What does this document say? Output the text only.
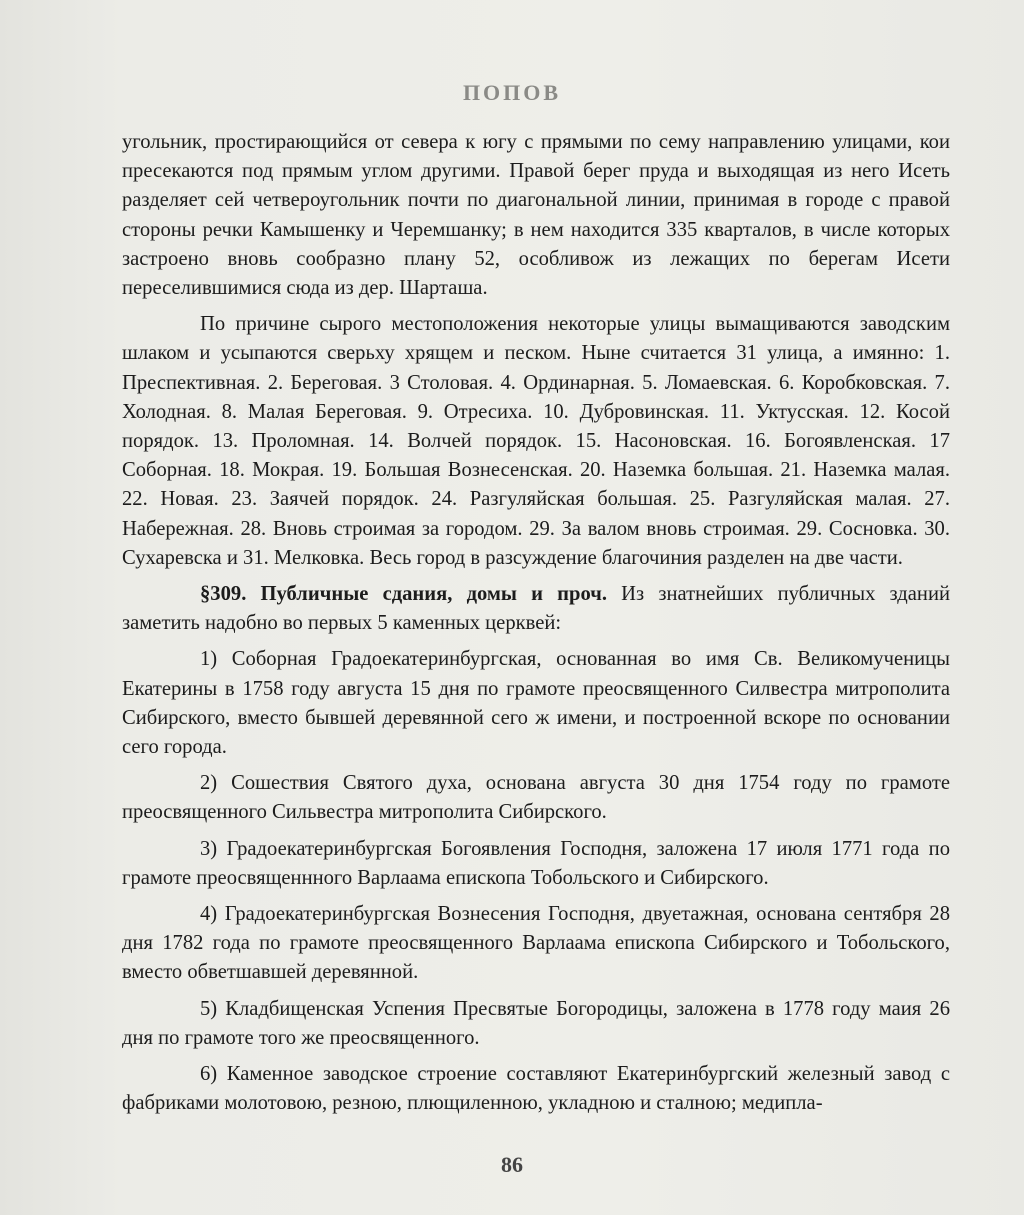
ПОПОВ

угольник, простирающийся от севера к югу с прямыми по сему направлению улицами, кои пресекаются под прямым углом другими. Правой берег пруда и выходящая из него Исеть разделяет сей четвероугольник почти по диагональной линии, принимая в городе с правой стороны речки Камышенку и Черемшанку; в нем находится 335 кварталов, в числе которых застроено вновь сообразно плану 52, особливож из лежащих по берегам Исети переселившимися сюда из дер. Шарташа.

По причине сырого местоположения некоторые улицы вымащиваются заводским шлаком и усыпаются сверьху хрящем и песком. Ныне считается 31 улица, а имянно: 1. Преспективная. 2. Береговая. 3 Столовая. 4. Ординарная. 5. Ломаевская. 6. Коробковская. 7. Холодная. 8. Малая Береговая. 9. Отресиха. 10. Дубровинская. 11. Уктусская. 12. Косой порядок. 13. Проломная. 14. Волчей порядок. 15. Насоновская. 16. Богоявленская. 17 Соборная. 18. Мокрая. 19. Большая Вознесенская. 20. Наземка большая. 21. Наземка малая. 22. Новая. 23. Заячей порядок. 24. Разгуляйская большая. 25. Разгуляйская малая. 27. Набережная. 28. Вновь строимая за городом. 29. За валом вновь строимая. 29. Сосновка. 30. Сухаревска и 31. Мелковка. Весь город в разсуждение благочиния разделен на две части.

§309. Публичные сдания, домы и проч. Из знатнейших публичных зданий заметить надобно во первых 5 каменных церквей:

1) Соборная Градоекатеринбургская, основанная во имя Св. Великомученицы Екатерины в 1758 году августа 15 дня по грамоте преосвященного Силвестра митрополита Сибирского, вместо бывшей деревянной сего ж имени, и построенной вскоре по основании сего города.

2) Сошествия Святого духа, основана августа 30 дня 1754 году по грамоте преосвященного Сильвестра митрополита Сибирского.

3) Градоекатеринбургская Богоявления Господня, заложена 17 июля 1771 года по грамоте преосвященнного Варлаама епископа Тобольского и Сибирского.

4) Градоекатеринбургская Вознесения Господня, двуетажная, основана сентября 28 дня 1782 года по грамоте преосвященного Варлаама епископа Сибирского и Тобольского, вместо обветшавшей деревянной.

5) Кладбищенская Успения Пресвятые Богородицы, заложена в 1778 году маия 26 дня по грамоте того же преосвященного.

6) Каменное заводское строение составляют Екатеринбургский железный завод с фабриками молотовою, резною, плющиленною, укладною и сталною; медипла-

86
